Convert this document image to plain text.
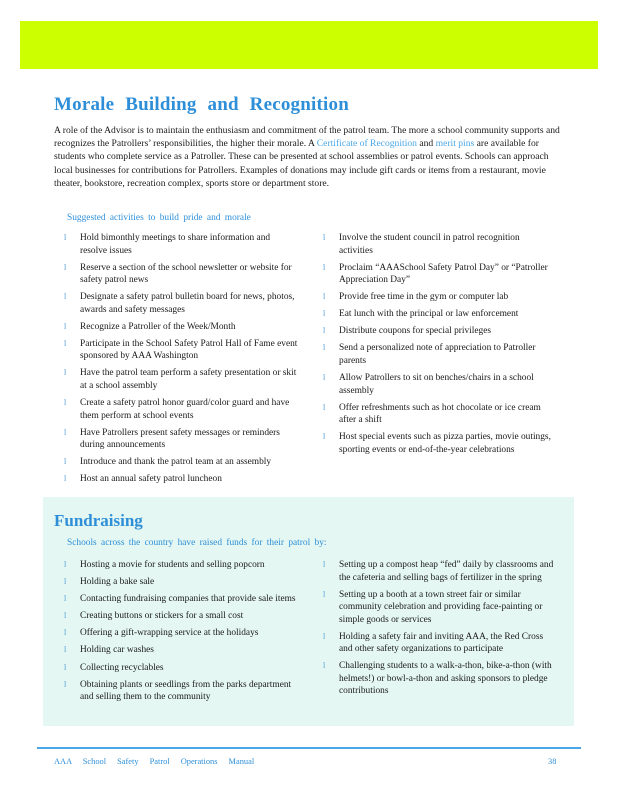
Morale Building and Recognition

A role of the Advisor is to maintain the enthusiasm and commitment of the patrol team. The more a school community supports and recognizes the Patrollers’ responsibilities, the higher their morale. A Certificate of Recognition and merit pins are available for students who complete service as a Patroller. These can be presented at school assemblies or patrol events. Schools can approach local businesses for contributions for Patrollers. Examples of donations may include gift cards or items from a restaurant, movie theater, bookstore, recreation complex, sports store or department store.

Suggested activities to build pride and morale

l Hold bimonthly meetings to share information and resolve issues
l Reserve a section of the school newsletter or website for safety patrol news
l Designate a safety patrol bulletin board for news, photos, awards and safety messages
l Recognize a Patroller of the Week/Month
l Participate in the School Safety Patrol Hall of Fame event sponsored by AAA Washington
l Have the patrol team perform a safety presentation or skit at a school assembly
l Create a safety patrol honor guard/color guard and have them perform at school events
l Have Patrollers present safety messages or reminders during announcements
l Introduce and thank the patrol team at an assembly
l Host an annual safety patrol luncheon
l Involve the student council in patrol recognition activities
l Proclaim “AAASchool Safety Patrol Day” or “Patroller Appreciation Day”
l Provide free time in the gym or computer lab
l Eat lunch with the principal or law enforcement
l Distribute coupons for special privileges
l Send a personalized note of appreciation to Patroller parents
l Allow Patrollers to sit on benches/chairs in a school assembly
l Offer refreshments such as hot chocolate or ice cream after a shift
l Host special events such as pizza parties, movie outings, sporting events or end-of-the-year celebrations
Fundraising

Schools across the country have raised funds for their patrol by:

l Hosting a movie for students and selling popcorn
l Holding a bake sale
l Contacting fundraising companies that provide sale items
l Creating buttons or stickers for a small cost
l Offering a gift-wrapping service at the holidays
l Holding car washes
l Collecting recyclables
l Obtaining plants or seedlings from the parks department and selling them to the community
l Setting up a compost heap “fed” daily by classrooms and the cafeteria and selling bags of fertilizer in the spring
l Setting up a booth at a town street fair or similar community celebration and providing face-painting or simple goods or services
l Holding a safety fair and inviting AAA, the Red Cross and other safety organizations to participate
l Challenging students to a walk-a-thon, bike-a-thon (with helmets!) or bowl-a-thon and asking sponsors to pledge contributions

AAA School Safety Patrol Operations Manual	38
